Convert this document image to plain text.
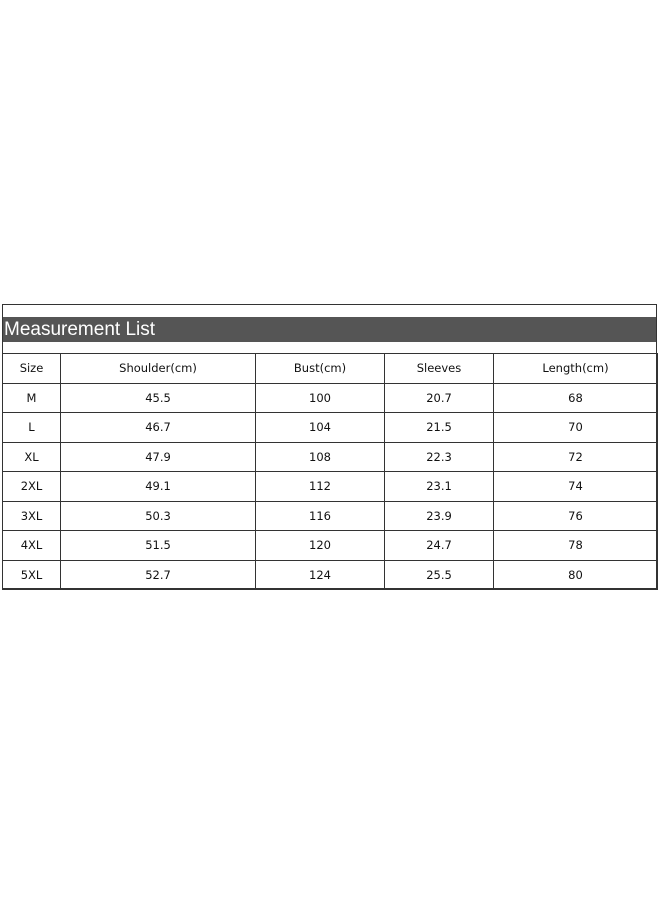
Measurement List
Size	Shoulder(cm)	Bust(cm)	Sleeves	Length(cm)
M	45.5	100	20.7	68
L	46.7	104	21.5	70
XL	47.9	108	22.3	72
2XL	49.1	112	23.1	74
3XL	50.3	116	23.9	76
4XL	51.5	120	24.7	78
5XL	52.7	124	25.5	80
